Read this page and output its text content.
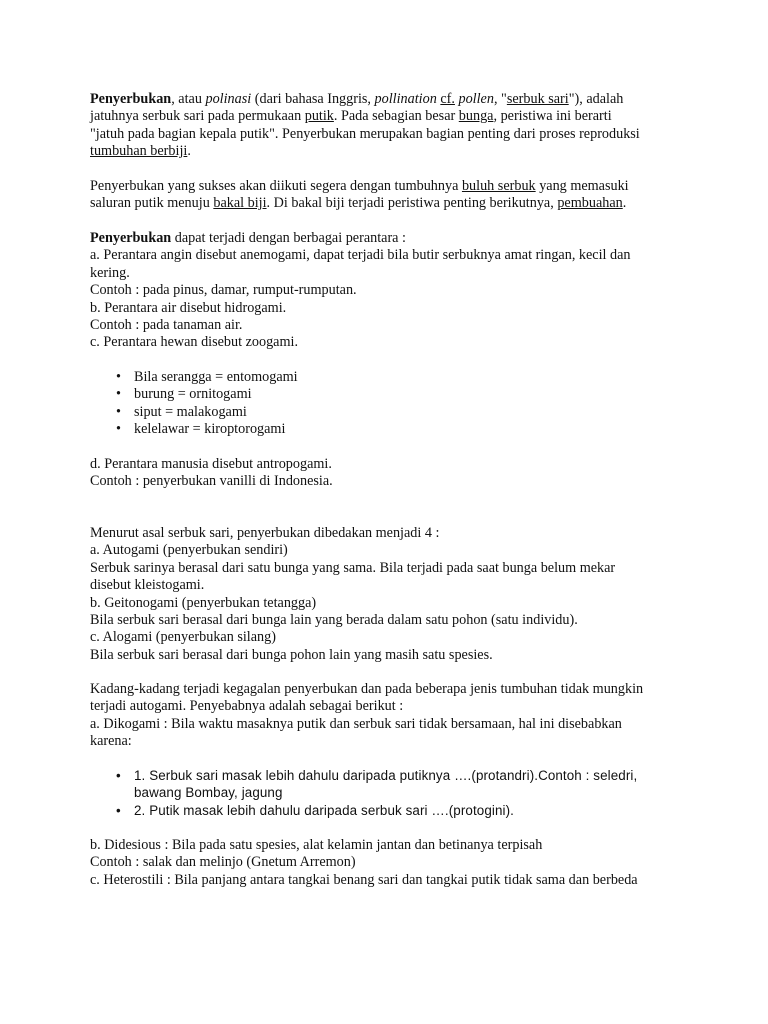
Penyerbukan, atau polinasi (dari bahasa Inggris, pollination cf. pollen, "serbuk sari"), adalah
jatuhnya serbuk sari pada permukaan putik. Pada sebagian besar bunga, peristiwa ini berarti
"jatuh pada bagian kepala putik". Penyerbukan merupakan bagian penting dari proses reproduksi
tumbuhan berbiji.
Penyerbukan yang sukses akan diikuti segera dengan tumbuhnya buluh serbuk yang memasuki
saluran putik menuju bakal biji. Di bakal biji terjadi peristiwa penting berikutnya, pembuahan.
Penyerbukan dapat terjadi dengan berbagai perantara :
a. Perantara angin disebut anemogami, dapat terjadi bila butir serbuknya amat ringan, kecil dan
kering.
Contoh : pada pinus, damar, rumput-rumputan.
b. Perantara air disebut hidrogami.
Contoh : pada tanaman air.
c. Perantara hewan disebut zoogami.
• Bila serangga = entomogami
• burung = ornitogami
• siput = malakogami
• kelelawar = kiroptorogami
d. Perantara manusia disebut antropogami.
Contoh : penyerbukan vanilli di Indonesia.
Menurut asal serbuk sari, penyerbukan dibedakan menjadi 4 :
a. Autogami (penyerbukan sendiri)
Serbuk sarinya berasal dari satu bunga yang sama. Bila terjadi pada saat bunga belum mekar
disebut kleistogami.
b. Geitonogami (penyerbukan tetangga)
Bila serbuk sari berasal dari bunga lain yang berada dalam satu pohon (satu individu).
c. Alogami (penyerbukan silang)
Bila serbuk sari berasal dari bunga pohon lain yang masih satu spesies.
Kadang-kadang terjadi kegagalan penyerbukan dan pada beberapa jenis tumbuhan tidak mungkin
terjadi autogami. Penyebabnya adalah sebagai berikut :
a. Dikogami : Bila waktu masaknya putik dan serbuk sari tidak bersamaan, hal ini disebabkan
karena:
• 1. Serbuk sari masak lebih dahulu daripada putiknya ….(protandri).Contoh : seledri,
bawang Bombay, jagung
• 2. Putik masak lebih dahulu daripada serbuk sari ….(protogini).
b. Didesious : Bila pada satu spesies, alat kelamin jantan dan betinanya terpisah
Contoh : salak dan melinjo (Gnetum Arremon)
c. Heterostili : Bila panjang antara tangkai benang sari dan tangkai putik tidak sama dan berbeda
